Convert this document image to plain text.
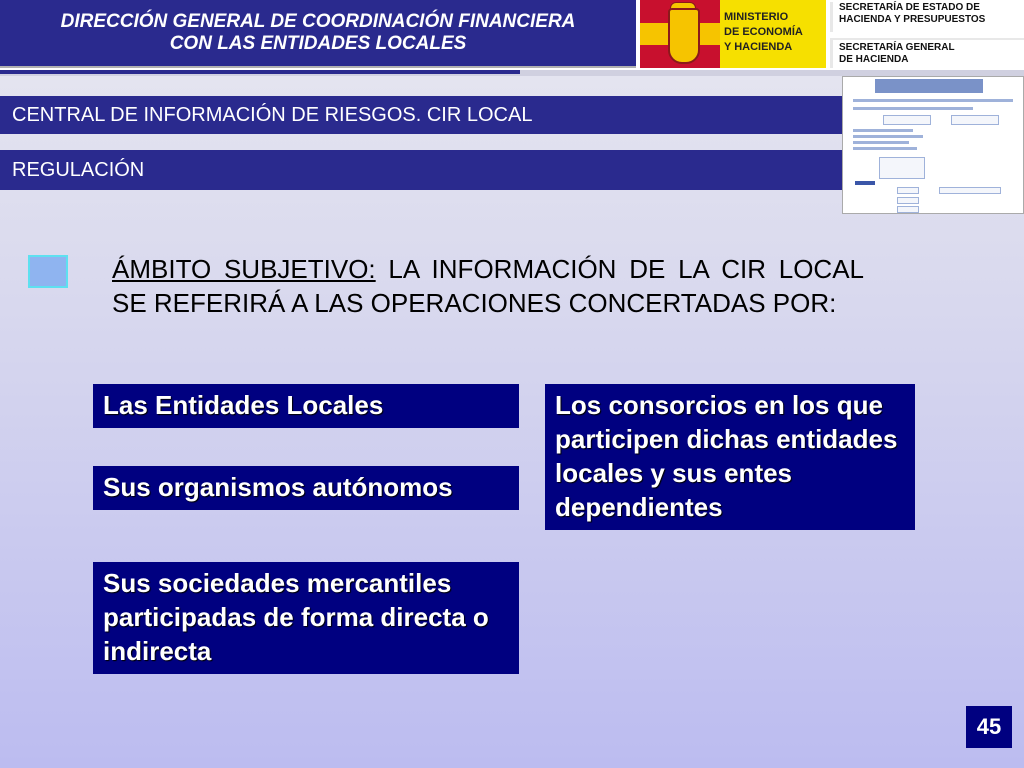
DIRECCIÓN GENERAL DE COORDINACIÓN FINANCIERA
CON LAS ENTIDADES LOCALES
MINISTERIO
DE ECONOMÍA
Y HACIENDA
SECRETARÍA DE ESTADO DE
HACIENDA Y PRESUPUESTOS
SECRETARÍA GENERAL
DE HACIENDA
CENTRAL DE INFORMACIÓN DE RIESGOS. CIR LOCAL
REGULACIÓN
ÁMBITO SUBJETIVO: LA INFORMACIÓN DE LA CIR LOCAL SE REFERIRÁ A LAS OPERACIONES CONCERTADAS POR:
Las Entidades Locales
Sus organismos autónomos
Sus sociedades mercantiles participadas de forma directa o indirecta
Los consorcios en los que participen dichas entidades locales y sus entes dependientes
45
